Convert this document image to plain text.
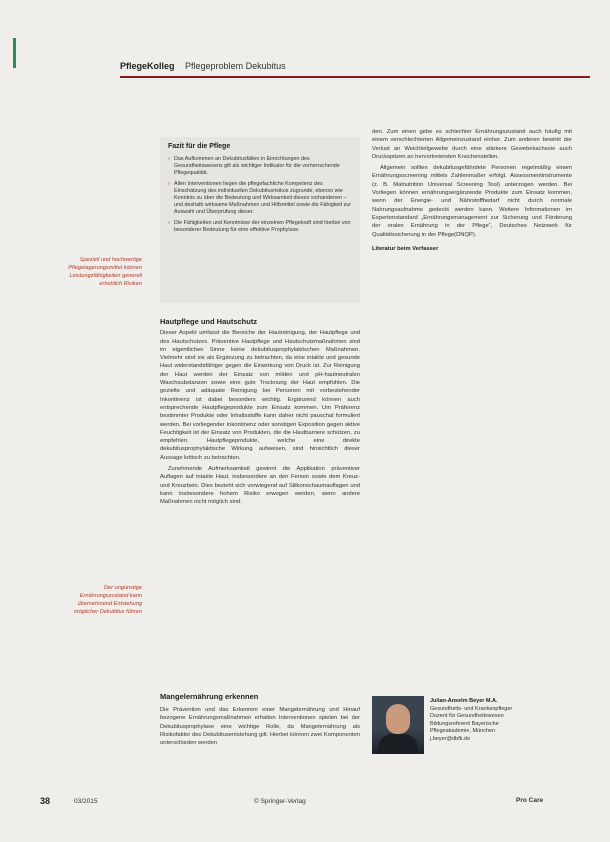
PflegeKolleg Pflegeproblem Dekubitus
Fazit für die Pflege
› Das Aufkommen an Dekubitusfällen in Einrichtungen des Gesundheitswesens gilt als wichtiger Indikator für die vorherrschende Pflegequalität.
› Allen Interventionen liegen die pflegefachliche Kompetenz des Einschätzung des individuellen Dekubitusrisikos zugrunde, ebenso wie Kenntnis zu über die Bedeutung und Wirksamkeit dieses vorhandenen – und deshalb wirksame Maßnahmen und Hilfsmittel sowie die Fähigkeit zur Auswahl und Überprüfung dieser.
› Die Fähigkeiten und Kenntnisse der einzelnen Pflegekraft sind hierbei von besonderer Bedeutung für eine effektive Prophylaxe.
Speziell und hochwertige Pflegelagerungsmittel können Leistungsfähigkeiten generell erheblich Risiken
Der ungünstige Ernährungszustand kann übernehmend Entstehung möglicher Dekubitus führen
Hautpflege und Hautschutz

Dieser Aspekt umfasst die Bereiche der Hautreinigung, der Hautpflege und des Hautschutzes. Präventive Hautpflege und Hautschutzmaßnahmen sind im eigentlichen Sinne keine dekubitusprophylaktischen Maßnahmen. Vielmehr sind sie als Ergänzung zu betrachten, da eine intakte und gesunde Haut widerstandsfähiger gegen die Einwirkung von Druck ist. Zur Reinigung der Haut werden der Einsatz von milden und pH-hautneutralen Waschsubstanzen sowie eine gute Trocknung der Haut empfohlen. Die gezielte und adäquate Reinigung bei Personen mit vorbestehender Inkontinenz ist dabei besonders wichtig. Ergänzend können auch entsprechende Hautpflegeprodukte zum Einsatz kommen. Um Präferenz bestimmter Produkte oder Inhaltsstoffe kann daher nicht pauschal formuliert werden. Bei vorliegender Inkontinenz oder sonstigen Exposition gegen aktive Feuchtigkeit ist der Einsatz von Produkten, die die Hautbarriere schützen, zu empfehlen. Hautpflegeprodukte, welche eine direkte dekubitusprophylaktische Wirkung aufweisen, sind hinsichtlich dieser Aussage kritisch zu betrachten.

Zunehmende Aufmerksamkeit gewinnt die Applikation präventiver Auflagen auf intakte Haut, insbesondere an den Fersen sowie dem Kreuz- und Kreuzbein. Dies bezieht sich vorwiegend auf Silikonschaumauflagen und kann insbesondere hohem Risiko erwogen werden, wenn andere Maßnahmen nicht möglich sind.

Mangelernährung erkennen
Die Prävention und das Erkennen einer Mangelernährung und Hinauf bezogene Ernährungsmaßnahmen erhalten Interventionen spielen bei der Dekubitusprophylaxe eine wichtige Rolle, da Mangelernährung als Risikofaktor des Dekubitusentstehung gilt. Hierbei können zwei Komponenten unterschieden werden

den. Zum einen gebe es schlechter Ernährungszustand auch häufig mit einem verschlechterten Allgemeinzustand einher. Zum anderen bewirkt der Verlust an Weichteilgewebe durch eine stärkere Gewebekachexie auch Druckspitzen an hervortretenden Knochenstellen.

Allgemein sollten dekubitusgefährdete Personen regelmäßig einem Ernährungsscreening mittels Zahlenmaßer erfolgt. Assessmentinstrumente (z. B. Malnutrition Universal Screening Tool) unterzogen werden. Bei Vorliegen können ernährungsergänzende Produkte zum Einsatz kommen, wenn der Energie- und Nährstoffbedarf nicht durch normale Nahrungsaufnahme gedeckt werden kann. Weitere Informationen im Expertenstandard „Ernährungsmanagement zur Sicherung und Förderung der oralen Ernährung in der Pflege“, Deutsches Netzwerk für Qualitätssicherung in der Pflege(DNQP).

Literatur beim Verfasser
Julian-Anselm Beyer M.A.
Gesundheits- und Krankenpfleger
Dozent für Gesundheitswesen
Bildungsreferent Bayerische
Pflegeakademie, München
j.beyer@dbfk.de
38	03/2015	© Springer-Verlag	Pro Care
